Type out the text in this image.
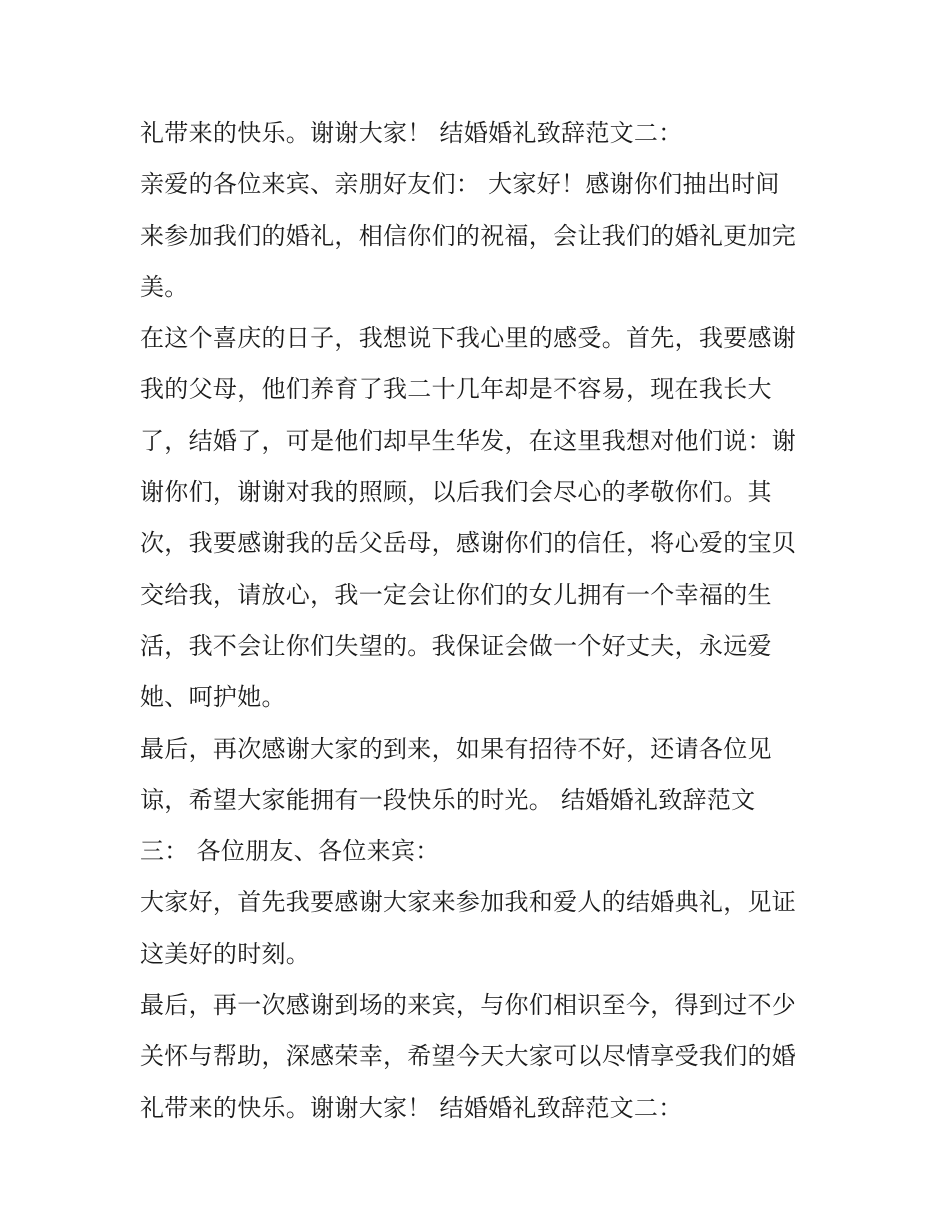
礼带来的快乐。谢谢大家！ 结婚婚礼致辞范文二：
亲爱的各位来宾、亲朋好友们： 大家好！感谢你们抽出时间
来参加我们的婚礼，相信你们的祝福，会让我们的婚礼更加完
美。
在这个喜庆的日子，我想说下我心里的感受。首先，我要感谢
我的父母，他们养育了我二十几年却是不容易，现在我长大
了，结婚了，可是他们却早生华发，在这里我想对他们说：谢
谢你们，谢谢对我的照顾，以后我们会尽心的孝敬你们。其
次，我要感谢我的岳父岳母，感谢你们的信任，将心爱的宝贝
交给我，请放心，我一定会让你们的女儿拥有一个幸福的生
活，我不会让你们失望的。我保证会做一个好丈夫，永远爱
她、呵护她。
最后，再次感谢大家的到来，如果有招待不好，还请各位见
谅，希望大家能拥有一段快乐的时光。 结婚婚礼致辞范文
三： 各位朋友、各位来宾：
大家好，首先我要感谢大家来参加我和爱人的结婚典礼，见证
这美好的时刻。
最后，再一次感谢到场的来宾，与你们相识至今，得到过不少
关怀与帮助，深感荣幸，希望今天大家可以尽情享受我们的婚
礼带来的快乐。谢谢大家！ 结婚婚礼致辞范文二：
